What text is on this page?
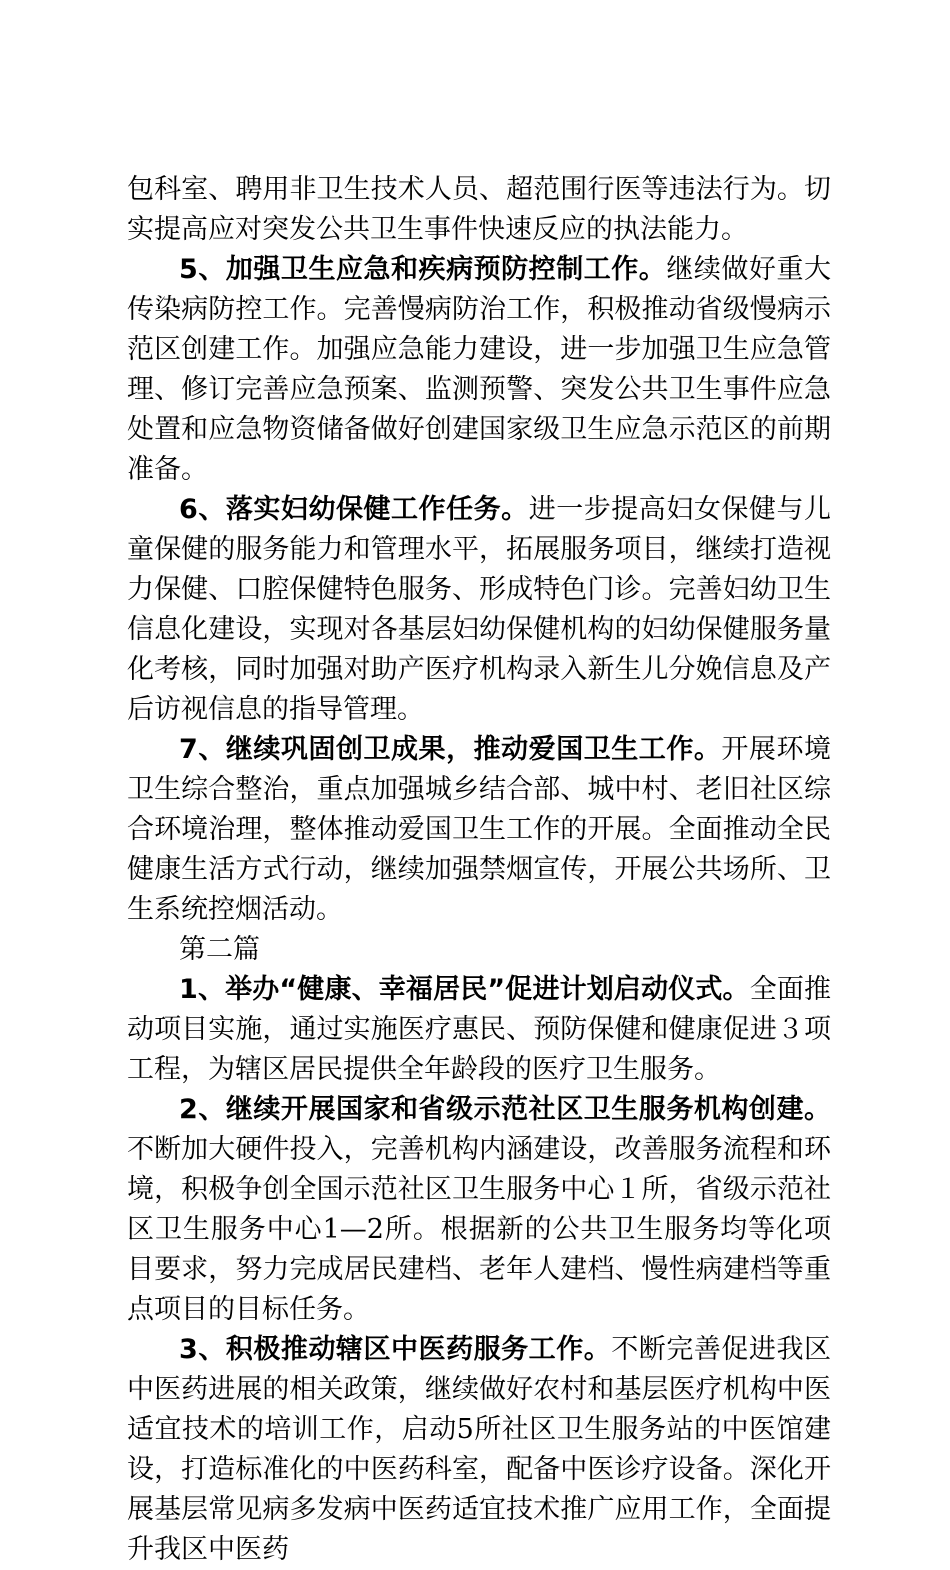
包科室、聘用非卫生技术人员、超范围行医等违法行为。切实提高应对突发公共卫生事件快速反应的执法能力。

5、加强卫生应急和疾病预防控制工作。继续做好重大传染病防控工作。完善慢病防治工作，积极推动省级慢病示范区创建工作。加强应急能力建设，进一步加强卫生应急管理、修订完善应急预案、监测预警、突发公共卫生事件应急处置和应急物资储备做好创建国家级卫生应急示范区的前期准备。

6、落实妇幼保健工作任务。进一步提高妇女保健与儿童保健的服务能力和管理水平，拓展服务项目，继续打造视力保健、口腔保健特色服务、形成特色门诊。完善妇幼卫生信息化建设，实现对各基层妇幼保健机构的妇幼保健服务量化考核，同时加强对助产医疗机构录入新生儿分娩信息及产后访视信息的指导管理。

7、继续巩固创卫成果，推动爱国卫生工作。开展环境卫生综合整治，重点加强城乡结合部、城中村、老旧社区综合环境治理，整体推动爱国卫生工作的开展。全面推动全民健康生活方式行动，继续加强禁烟宣传，开展公共场所、卫生系统控烟活动。

第二篇

1、举办“健康、幸福居民”促进计划启动仪式。全面推动项目实施，通过实施医疗惠民、预防保健和健康促进３项工程，为辖区居民提供全年龄段的医疗卫生服务。

2、继续开展国家和省级示范社区卫生服务机构创建。不断加大硬件投入，完善机构内涵建设，改善服务流程和环境，积极争创全国示范社区卫生服务中心１所，省级示范社区卫生服务中心1—2所。根据新的公共卫生服务均等化项目要求，努力完成居民建档、老年人建档、慢性病建档等重点项目的目标任务。

3、积极推动辖区中医药服务工作。不断完善促进我区中医药进展的相关政策，继续做好农村和基层医疗机构中医适宜技术的培训工作，启动5所社区卫生服务站的中医馆建设，打造标准化的中医药科室，配备中医诊疗设备。深化开展基层常见病多发病中医药适宜技术推广应用工作，全面提升我区中医药
